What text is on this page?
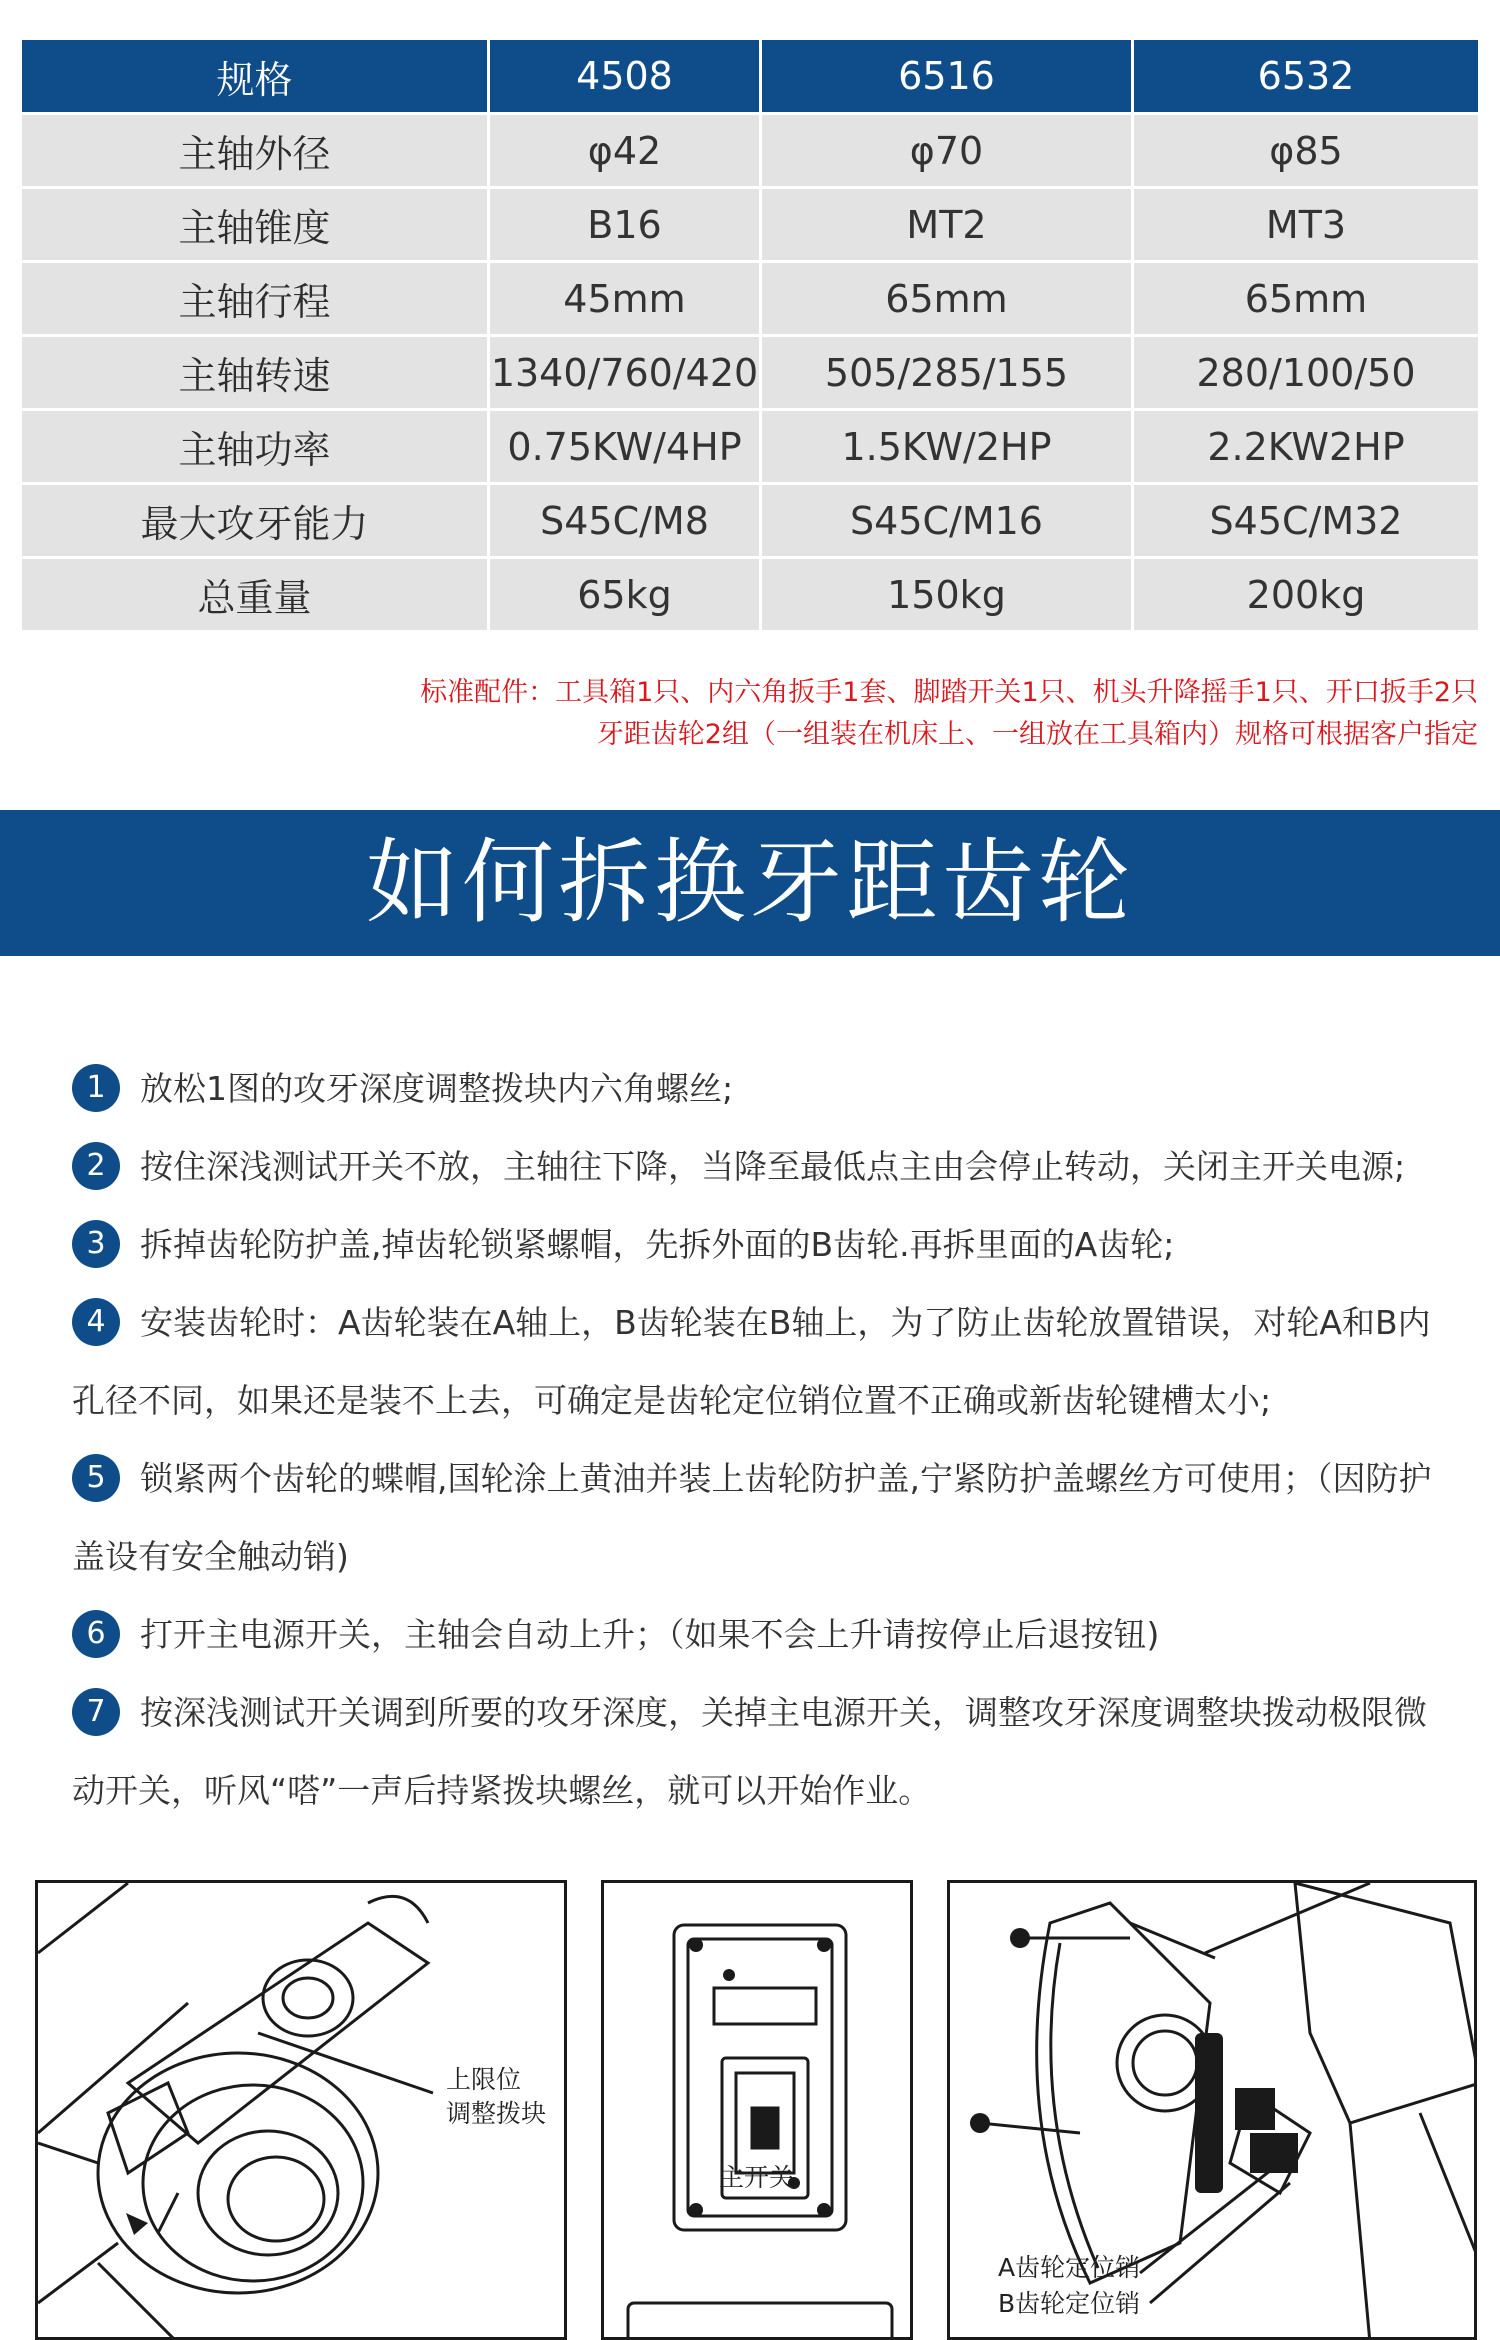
规格	4508	6516	6532
主轴外径	φ42	φ70	φ85
主轴锥度	B16	MT2	MT3
主轴行程	45mm	65mm	65mm
主轴转速	1340/760/420	505/285/155	280/100/50
主轴功率	0.75KW/4HP	1.5KW/2HP	2.2KW2HP
最大攻牙能力	S45C/M8	S45C/M16	S45C/M32
总重量	65kg	150kg	200kg
标准配件：工具箱1只、内六角扳手1套、脚踏开关1只、机头升降摇手1只、开口扳手2只
牙距齿轮2组（一组装在机床上、一组放在工具箱内）规格可根据客户指定
如何拆换牙距齿轮

1 放松1图的攻牙深度调整拨块内六角螺丝;

2 按住深浅测试开关不放，主轴往下降，当降至最低点主由会停止转动，关闭主开关电源;

3 拆掉齿轮防护盖,掉齿轮锁紧螺帽，先拆外面的B齿轮.再拆里面的A齿轮;

4 安装齿轮时：A齿轮装在A轴上，B齿轮装在B轴上，为了防止齿轮放置错误，对轮A和B内孔径不同，如果还是装不上去，可确定是齿轮定位销位置不正确或新齿轮键槽太小;

5 锁紧两个齿轮的蝶帽,国轮涂上黄油并装上齿轮防护盖,宁紧防护盖螺丝方可使用；（因防护盖设有安全触动销)

6 打开主电源开关，主轴会自动上升；（如果不会上升请按停止后退按钮)

7 按深浅测试开关调到所要的攻牙深度，关掉主电源开关，调整攻牙深度调整块拨动极限微动开关，听风“嗒”一声后持紧拨块螺丝，就可以开始作业。

上限位
调整拨块
主开关
A齿轮定位销
B齿轮定位销
